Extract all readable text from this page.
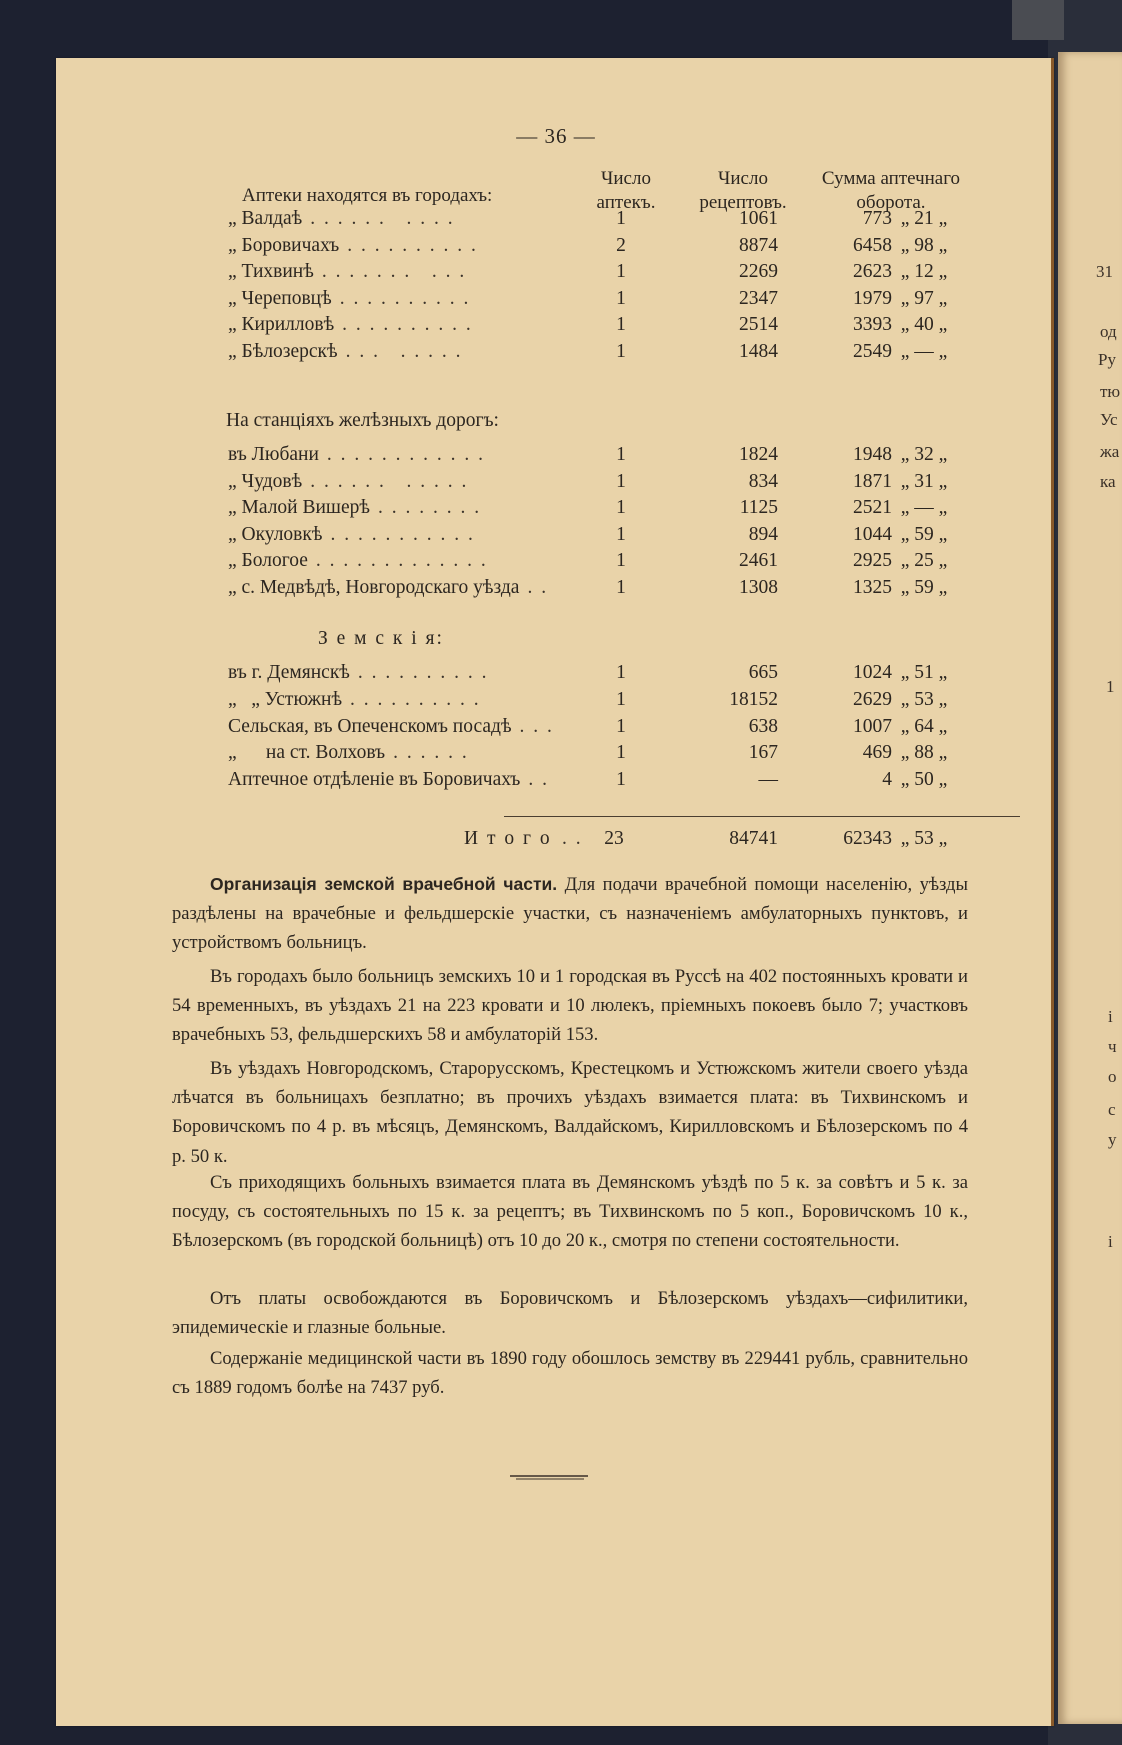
31
од
Ру
тю
Ус
жа
ка
1
і
ч
о
с
у
і
— 36 —
Аптеки находятся въ городахъ:
Число аптекъ.
Число рецептовъ.
Сумма аптечнаго оборота.
„ Валдаѣ . . . . . .   . . . .	1	1061	773 „ 21 „
„ Боровичахъ . . . . . . . . . .	2	8874	6458 „ 98 „
„ Тихвинѣ . . . . . . .   . . .	1	2269	2623 „ 12 „
„ Череповцѣ . . . . . . . . . .	1	2347	1979 „ 97 „
„ Кирилловѣ . . . . . . . . . .	1	2514	3393 „ 40 „
„ Бѣлозерскѣ . . .   . . . . .	1	1484	2549 „ — „
На станціяхъ желѣзныхъ дорогъ:
въ Любани . . . . . . . . . . . .	1	1824	1948 „ 32 „
„ Чудовѣ . . . . . .   . . . . .	1	834	1871 „ 31 „
„ Малой Вишерѣ . . . . . . . .	1	1125	2521 „ — „
„ Окуловкѣ . . . . . . . . . . .	1	894	1044 „ 59 „
„ Бологое . . . . . . . . . . . . .	1	2461	2925 „ 25 „
„ с. Медвѣдѣ, Новгородскаго уѣзда . .	1	1308	1325 „ 59 „
З е м с к і я:
въ г. Демянскѣ . . . . . . . . . .	1	665	1024 „ 51 „
„   „ Устюжнѣ . . . . . . . . . .	1	18152	2629 „ 53 „
Сельская, въ Опеченскомъ посадѣ . . .	1	638	1007 „ 64 „
„      на ст. Волховъ . . . . . .	1	167	469 „ 88 „
Аптечное отдѣленіе въ Боровичахъ . .	1	—	4 „ 50 „
И т о г о . .	23	84741	62343 „ 53 „
Организація земской врачебной части. Для подачи врачебной помощи населенію, уѣзды раздѣлены на врачебные и фельдшерскіе участки, съ назначеніемъ амбулаторныхъ пунктовъ, и устройствомъ больницъ.
Въ городахъ было больницъ земскихъ 10 и 1 городская въ Руссѣ на 402 постоянныхъ кровати и 54 временныхъ, въ уѣздахъ 21 на 223 кровати и 10 люлекъ, пріемныхъ покоевъ было 7; участковъ врачебныхъ 53, фельдшерскихъ 58 и амбулаторій 153.
Въ уѣздахъ Новгородскомъ, Старорусскомъ, Крестецкомъ и Устюжскомъ жители своего уѣзда лѣчатся въ больницахъ безплатно; въ прочихъ уѣздахъ взимается плата: въ Тихвинскомъ и Боровичскомъ по 4 р. въ мѣсяцъ, Демянскомъ, Валдайскомъ, Кирилловскомъ и Бѣлозерскомъ по 4 р. 50 к.
Съ приходящихъ больныхъ взимается плата въ Демянскомъ уѣздѣ по 5 к. за совѣтъ и 5 к. за посуду, съ состоятельныхъ по 15 к. за рецептъ; въ Тихвинскомъ по 5 коп., Боровичскомъ 10 к., Бѣлозерскомъ (въ городской больницѣ) отъ 10 до 20 к., смотря по степени состоятельности.
Отъ платы освобождаются въ Боровичскомъ и Бѣлозерскомъ уѣздахъ—сифилитики, эпидемическіе и глазные больные.
Содержаніе медицинской части въ 1890 году обошлось земству въ 229441 рубль, сравнительно съ 1889 годомъ болѣе на 7437 руб.
